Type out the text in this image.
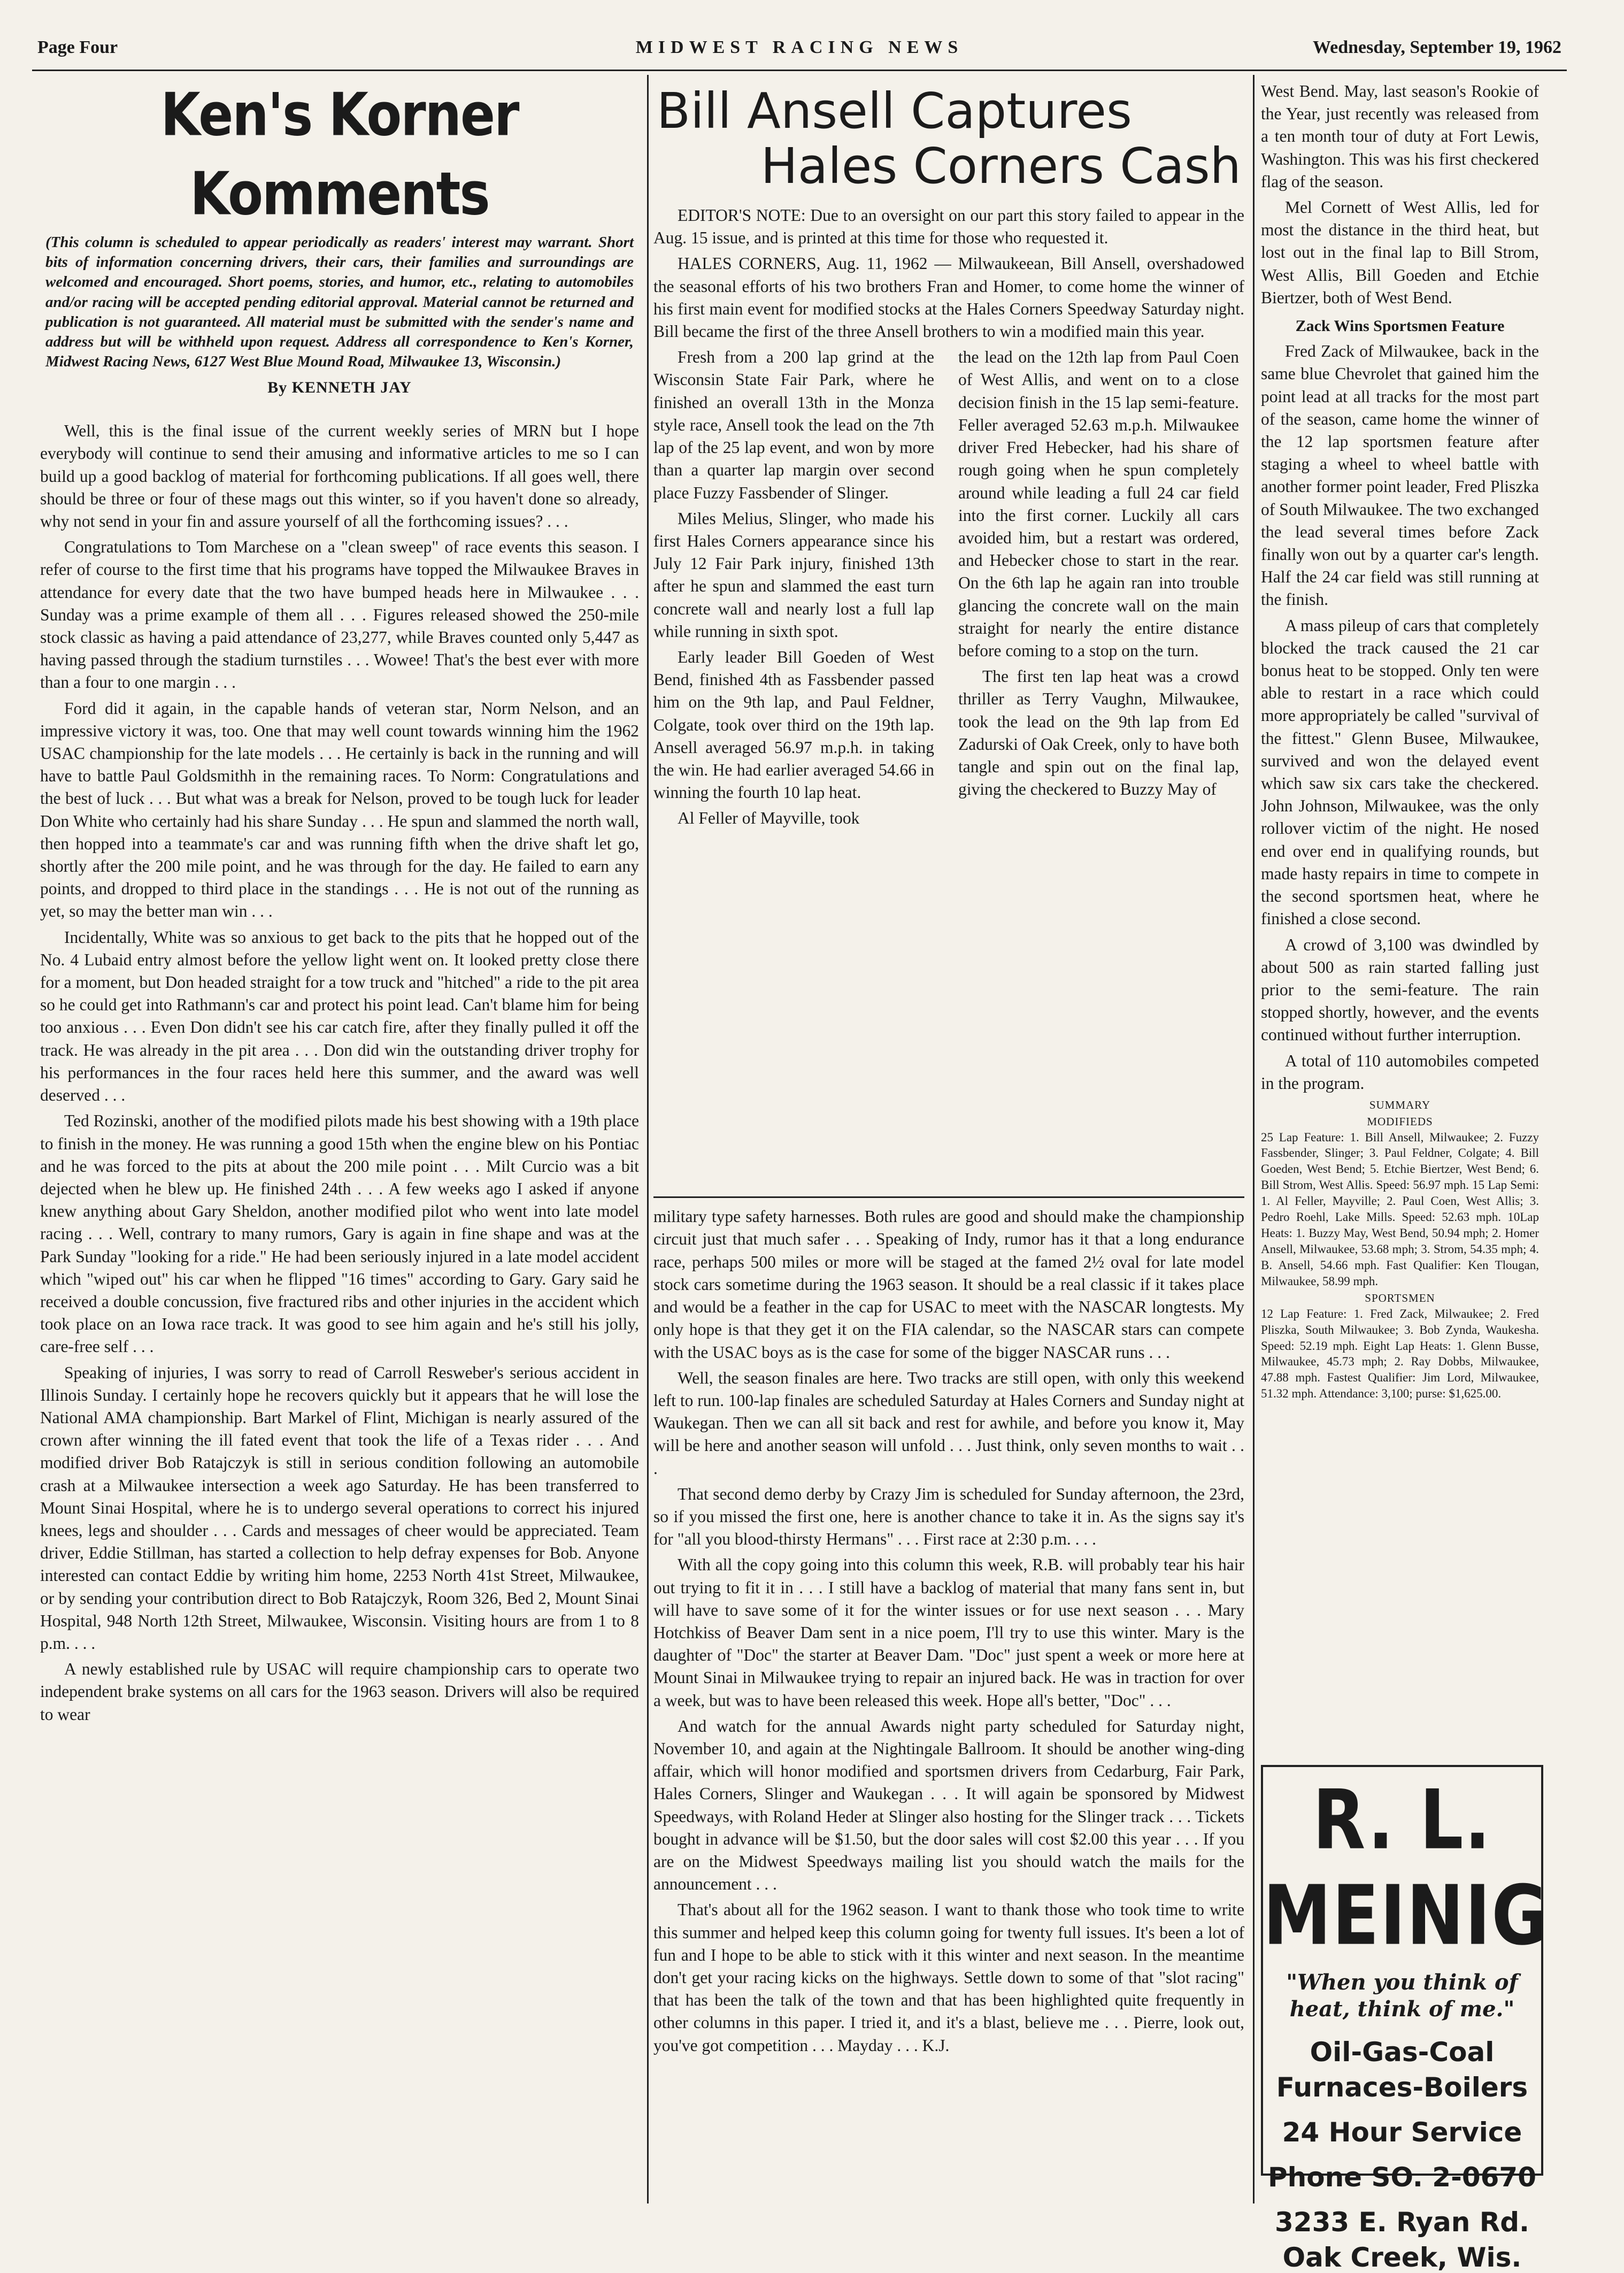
Page Four	MIDWEST RACING NEWS	Wednesday, September 19, 1962
Ken's Korner Komments
(This column is scheduled to appear periodically as readers' interest may warrant. Short bits of information concerning drivers, their cars, their families and surroundings are welcomed and encouraged. Short poems, stories, and humor, etc., relating to automobiles and/or racing will be accepted pending editorial approval. Material cannot be returned and publication is not guaranteed. All material must be submitted with the sender's name and address but will be withheld upon request. Address all correspondence to Ken's Korner, Midwest Racing News, 6127 West Blue Mound Road, Milwaukee 13, Wisconsin.)
By KENNETH JAY

Well, this is the final issue of the current weekly series of MRN but I hope everybody will continue to send their amusing and informative articles to me so I can build up a good backlog of material for forthcoming publications. If all goes well, there should be three or four of these mags out this winter, so if you haven't done so already, why not send in your fin and assure yourself of all the forthcoming issues? . . .

Congratulations to Tom Marchese on a "clean sweep" of race events this season. I refer of course to the first time that his programs have topped the Milwaukee Braves in attendance for every date that the two have bumped heads here in Milwaukee . . . Sunday was a prime example of them all . . . Figures released showed the 250-mile stock classic as having a paid attendance of 23,277, while Braves counted only 5,447 as having passed through the stadium turnstiles . . . Wowee! That's the best ever with more than a four to one margin . . .

Ford did it again, in the capable hands of veteran star, Norm Nelson, and an impressive victory it was, too. One that may well count towards winning him the 1962 USAC championship for the late models . . . He certainly is back in the running and will have to battle Paul Goldsmithh in the remaining races. To Norm: Congratulations and the best of luck . . . But what was a break for Nelson, proved to be tough luck for leader Don White who certainly had his share Sunday . . . He spun and slammed the north wall, then hopped into a teammate's car and was running fifth when the drive shaft let go, shortly after the 200 mile point, and he was through for the day. He failed to earn any points, and dropped to third place in the standings . . . He is not out of the running as yet, so may the better man win . . .

Incidentally, White was so anxious to get back to the pits that he hopped out of the No. 4 Lubaid entry almost before the yellow light went on. It looked pretty close there for a moment, but Don headed straight for a tow truck and "hitched" a ride to the pit area so he could get into Rathmann's car and protect his point lead. Can't blame him for being too anxious . . . Even Don didn't see his car catch fire, after they finally pulled it off the track. He was already in the pit area . . . Don did win the outstanding driver trophy for his performances in the four races held here this summer, and the award was well deserved . . .

Ted Rozinski, another of the modified pilots made his best showing with a 19th place to finish in the money. He was running a good 15th when the engine blew on his Pontiac and he was forced to the pits at about the 200 mile point . . . Milt Curcio was a bit dejected when he blew up. He finished 24th . . . A few weeks ago I asked if anyone knew anything about Gary Sheldon, another modified pilot who went into late model racing . . . Well, contrary to many rumors, Gary is again in fine shape and was at the Park Sunday "looking for a ride." He had been seriously injured in a late model accident which "wiped out" his car when he flipped "16 times" according to Gary. Gary said he received a double concussion, five fractured ribs and other injuries in the accident which took place on an Iowa race track. It was good to see him again and he's still his jolly, care-free self . . .

Speaking of injuries, I was sorry to read of Carroll Resweber's serious accident in Illinois Sunday. I certainly hope he recovers quickly but it appears that he will lose the National AMA championship. Bart Markel of Flint, Michigan is nearly assured of the crown after winning the ill fated event that took the life of a Texas rider . . . And modified driver Bob Ratajczyk is still in serious condition following an automobile crash at a Milwaukee intersection a week ago Saturday. He has been transferred to Mount Sinai Hospital, where he is to undergo several operations to correct his injured knees, legs and shoulder . . . Cards and messages of cheer would be appreciated. Team driver, Eddie Stillman, has started a collection to help defray expenses for Bob. Anyone interested can contact Eddie by writing him home, 2253 North 41st Street, Milwaukee, or by sending your contribution direct to Bob Ratajczyk, Room 326, Bed 2, Mount Sinai Hospital, 948 North 12th Street, Milwaukee, Wisconsin. Visiting hours are from 1 to 8 p.m. . . .

A newly established rule by USAC will require championship cars to operate two independent brake systems on all cars for the 1963 season. Drivers will also be required to wear

Bill Ansell Captures
Hales Corners Cash

EDITOR'S NOTE: Due to an oversight on our part this story failed to appear in the Aug. 15 issue, and is printed at this time for those who requested it.

HALES CORNERS, Aug. 11, 1962 — Milwaukeean, Bill Ansell, overshadowed the seasonal efforts of his two brothers Fran and Homer, to come home the winner of his first main event for modified stocks at the Hales Corners Speedway Saturday night. Bill became the first of the three Ansell brothers to win a modified main this year.

Fresh from a 200 lap grind at the Wisconsin State Fair Park, where he finished an overall 13th in the Monza style race, Ansell took the lead on the 7th lap of the 25 lap event, and won by more than a quarter lap margin over second place Fuzzy Fassbender of Slinger.

Miles Melius, Slinger, who made his first Hales Corners appearance since his July 12 Fair Park injury, finished 13th after he spun and slammed the east turn concrete wall and nearly lost a full lap while running in sixth spot.

Early leader Bill Goeden of West Bend, finished 4th as Fassbender passed him on the 9th lap, and Paul Feldner, Colgate, took over third on the 19th lap. Ansell averaged 56.97 m.p.h. in taking the win. He had earlier averaged 54.66 in winning the fourth 10 lap heat.

Al Feller of Mayville, took

the lead on the 12th lap from Paul Coen of West Allis, and went on to a close decision finish in the 15 lap semi-feature. Feller averaged 52.63 m.p.h. Milwaukee driver Fred Hebecker, had his share of rough going when he spun completely around while leading a full 24 car field into the first corner. Luckily all cars avoided him, but a restart was ordered, and Hebecker chose to start in the rear. On the 6th lap he again ran into trouble glancing the concrete wall on the main straight for nearly the entire distance before coming to a stop on the turn.

The first ten lap heat was a crowd thriller as Terry Vaughn, Milwaukee, took the lead on the 9th lap from Ed Zadurski of Oak Creek, only to have both tangle and spin out on the final lap, giving the checkered to Buzzy May of

military type safety harnesses. Both rules are good and should make the championship circuit just that much safer . . . Speaking of Indy, rumor has it that a long endurance race, perhaps 500 miles or more will be staged at the famed 2½ oval for late model stock cars sometime during the 1963 season. It should be a real classic if it takes place and would be a feather in the cap for USAC to meet with the NASCAR longtests. My only hope is that they get it on the FIA calendar, so the NASCAR stars can compete with the USAC boys as is the case for some of the bigger NASCAR runs . . .

Well, the season finales are here. Two tracks are still open, with only this weekend left to run. 100-lap finales are scheduled Saturday at Hales Corners and Sunday night at Waukegan. Then we can all sit back and rest for awhile, and before you know it, May will be here and another season will unfold . . . Just think, only seven months to wait . . .

That second demo derby by Crazy Jim is scheduled for Sunday afternoon, the 23rd, so if you missed the first one, here is another chance to take it in. As the signs say it's for "all you blood-thirsty Hermans" . . . First race at 2:30 p.m. . . .

With all the copy going into this column this week, R.B. will probably tear his hair out trying to fit it in . . . I still have a backlog of material that many fans sent in, but will have to save some of it for the winter issues or for use next season . . . Mary Hotchkiss of Beaver Dam sent in a nice poem, I'll try to use this winter. Mary is the daughter of "Doc" the starter at Beaver Dam. "Doc" just spent a week or more here at Mount Sinai in Milwaukee trying to repair an injured back. He was in traction for over a week, but was to have been released this week. Hope all's better, "Doc" . . .

And watch for the annual Awards night party scheduled for Saturday night, November 10, and again at the Nightingale Ballroom. It should be another wing-ding affair, which will honor modified and sportsmen drivers from Cedarburg, Fair Park, Hales Corners, Slinger and Waukegan . . . It will again be sponsored by Midwest Speedways, with Roland Heder at Slinger also hosting for the Slinger track . . . Tickets bought in advance will be $1.50, but the door sales will cost $2.00 this year . . . If you are on the Midwest Speedways mailing list you should watch the mails for the announcement . . .

That's about all for the 1962 season. I want to thank those who took time to write this summer and helped keep this column going for twenty full issues. It's been a lot of fun and I hope to be able to stick with it this winter and next season. In the meantime don't get your racing kicks on the highways. Settle down to some of that "slot racing" that has been the talk of the town and that has been highlighted quite frequently in other columns in this paper. I tried it, and it's a blast, believe me . . . Pierre, look out, you've got competition . . . Mayday . . . K.J.

West Bend. May, last season's Rookie of the Year, just recently was released from a ten month tour of duty at Fort Lewis, Washington. This was his first checkered flag of the season.

Mel Cornett of West Allis, led for most the distance in the third heat, but lost out in the final lap to Bill Strom, West Allis, Bill Goeden and Etchie Biertzer, both of West Bend.

Zack Wins Sportsmen Feature

Fred Zack of Milwaukee, back in the same blue Chevrolet that gained him the point lead at all tracks for the most part of the season, came home the winner of the 12 lap sportsmen feature after staging a wheel to wheel battle with another former point leader, Fred Pliszka of South Milwaukee. The two exchanged the lead several times before Zack finally won out by a quarter car's length. Half the 24 car field was still running at the finish.

A mass pileup of cars that completely blocked the track caused the 21 car bonus heat to be stopped. Only ten were able to restart in a race which could more appropriately be called "survival of the fittest." Glenn Busee, Milwaukee, survived and won the delayed event which saw six cars take the checkered. John Johnson, Milwaukee, was the only rollover victim of the night. He nosed end over end in qualifying rounds, but made hasty repairs in time to compete in the second sportsmen heat, where he finished a close second.

A crowd of 3,100 was dwindled by about 500 as rain started falling just prior to the semi-feature. The rain stopped shortly, however, and the events continued without further interruption.

A total of 110 automobiles competed in the program.

SUMMARY
MODIFIEDS
25 Lap Feature: 1. Bill Ansell, Milwaukee; 2. Fuzzy Fassbender, Slinger; 3. Paul Feldner, Colgate; 4. Bill Goeden, West Bend; 5. Etchie Biertzer, West Bend; 6. Bill Strom, West Allis. Speed: 56.97 mph. 15 Lap Semi: 1. Al Feller, Mayville; 2. Paul Coen, West Allis; 3. Pedro Roehl, Lake Mills. Speed: 52.63 mph. 10Lap Heats: 1. Buzzy May, West Bend, 50.94 mph; 2. Homer Ansell, Milwaukee, 53.68 mph; 3. Strom, 54.35 mph; 4. B. Ansell, 54.66 mph. Fast Qualifier: Ken Tlougan, Milwaukee, 58.99 mph.
SPORTSMEN
12 Lap Feature: 1. Fred Zack, Milwaukee; 2. Fred Pliszka, South Milwaukee; 3. Bob Zynda, Waukesha. Speed: 52.19 mph. Eight Lap Heats: 1. Glenn Busse, Milwaukee, 45.73 mph; 2. Ray Dobbs, Milwaukee, 47.88 mph. Fastest Qualifier: Jim Lord, Milwaukee, 51.32 mph. Attendance: 3,100; purse: $1,625.00.
R. L. MEINIG
"When you think of
heat, think of me."
Oil-Gas-Coal
Furnaces-Boilers
24 Hour Service
Phone SO. 2-0670
3233 E. Ryan Rd.
Oak Creek, Wis.
